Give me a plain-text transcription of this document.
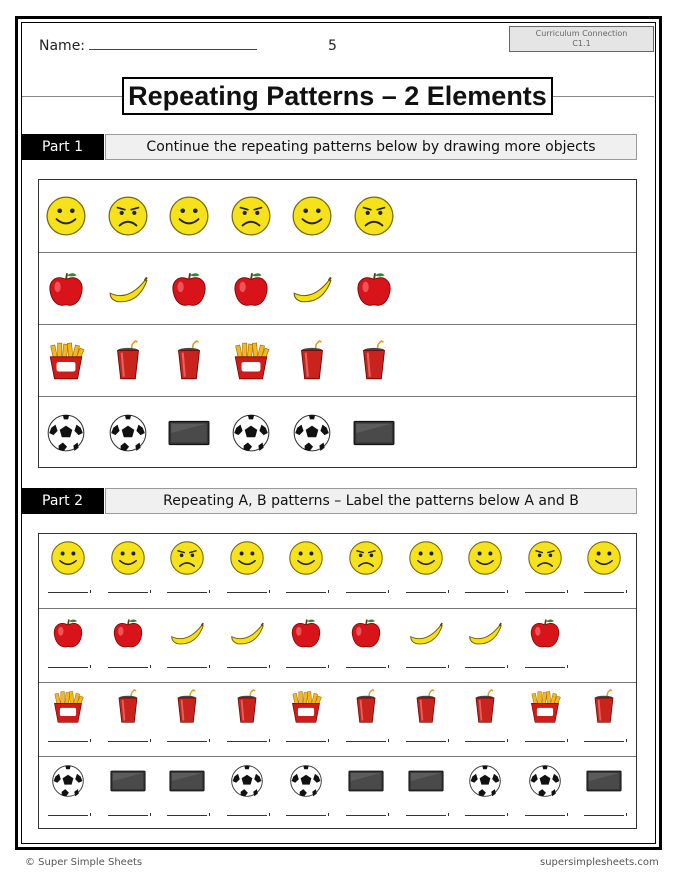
Name:	5
Curriculum Connection
C1.1
Repeating Patterns – 2 Elements
Part 1	Continue the repeating patterns below by drawing more objects
Part 2	Repeating A, B patterns – Label the patterns below A and B
© Super Simple Sheets	supersimplesheets.com
